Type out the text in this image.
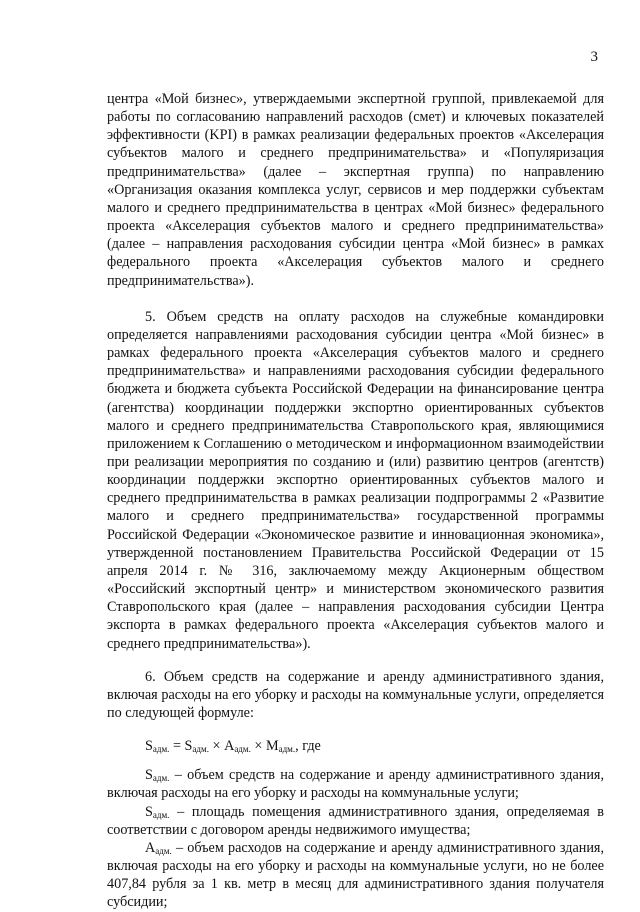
3

центра «Мой бизнес», утверждаемыми экспертной группой, привлекаемой для работы по согласованию направлений расходов (смет) и ключевых показателей эффективности (KPI) в рамках реализации федеральных проектов «Акселерация субъектов малого и среднего предпринимательства» и «Популяризация предпринимательства» (далее – экспертная группа) по направлению «Организация оказания комплекса услуг, сервисов и мер поддержки субъектам малого и среднего предпринимательства в центрах «Мой бизнес» федерального проекта «Акселерация субъектов малого и среднего предпринимательства» (далее – направления расходования субсидии центра «Мой бизнес» в рамках федерального проекта «Акселерация субъектов малого и среднего предпринимательства»).

5. Объем средств на оплату расходов на служебные командировки определяется направлениями расходования субсидии центра «Мой бизнес» в рамках федерального проекта «Акселерация субъектов малого и среднего предпринимательства» и направлениями расходования субсидии федерального бюджета и бюджета субъекта Российской Федерации на финансирование центра (агентства) координации поддержки экспортно ориентированных субъектов малого и среднего предпринимательства Ставропольского края, являющимися приложением к Соглашению о методическом и информационном взаимодействии при реализации мероприятия по созданию и (или) развитию центров (агентств) координации поддержки экспортно ориентированных субъектов малого и среднего предпринимательства в рамках реализации подпрограммы 2 «Развитие малого и среднего предпринимательства» государственной программы Российской Федерации «Экономическое развитие и инновационная экономика», утвержденной постановлением Правительства Российской Федерации от 15 апреля 2014 г. № 316, заключаемому между Акционерным обществом «Российский экспортный центр» и министерством экономического развития Ставропольского края (далее – направления расходования субсидии Центра экспорта в рамках федерального проекта «Акселерация субъектов малого и среднего предпринимательства»).

6. Объем средств на содержание и аренду административного здания, включая расходы на его уборку и расходы на коммунальные услуги, определяется по следующей формуле:

$S_{адм.} = S_{адм.} \times A_{адм.} \times M_{адм.}$, где

$S_{адм.}$ – объем средств на содержание и аренду административного здания, включая расходы на его уборку и расходы на коммунальные услуги;

$S_{адм.}$ – площадь помещения административного здания, определяемая в соответствии с договором аренды недвижимого имущества;

$A_{адм.}$ – объем расходов на содержание и аренду административного здания, включая расходы на его уборку и расходы на коммунальные услуги, но не более 407,84 рубля за 1 кв. метр в месяц для административного здания получателя субсидии;
